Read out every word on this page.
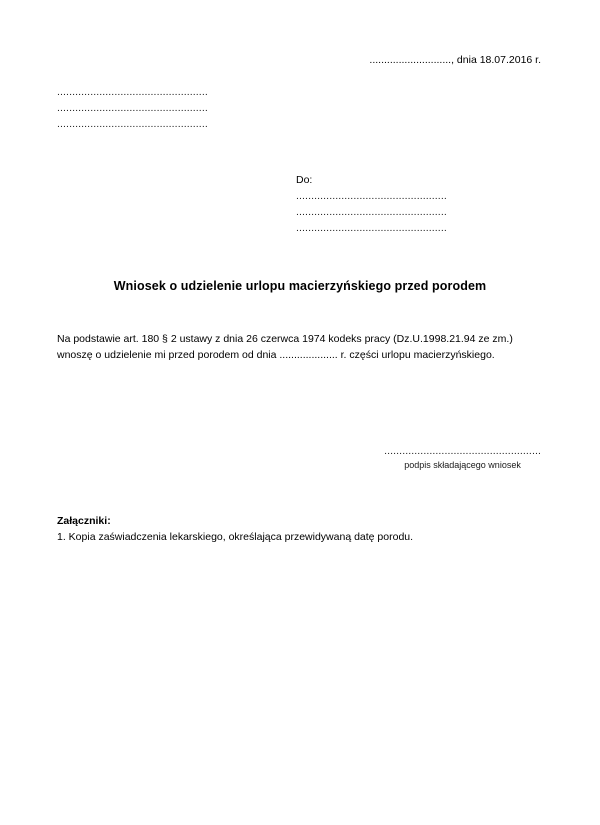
............................, dnia 18.07.2016 r.
..................................................
..................................................
..................................................
Do:
..................................................
..................................................
..................................................
Wniosek o udzielenie urlopu macierzyńskiego przed porodem

Na podstawie art. 180 § 2 ustawy z dnia 26 czerwca 1974 kodeks pracy (Dz.U.1998.21.94 ze zm.) wnoszę o udzielenie mi przed porodem od dnia .................... r. części urlopu macierzyńskiego.

....................................................
podpis składającego wniosek
Załączniki:
1. Kopia zaświadczenia lekarskiego, określająca przewidywaną datę porodu.
